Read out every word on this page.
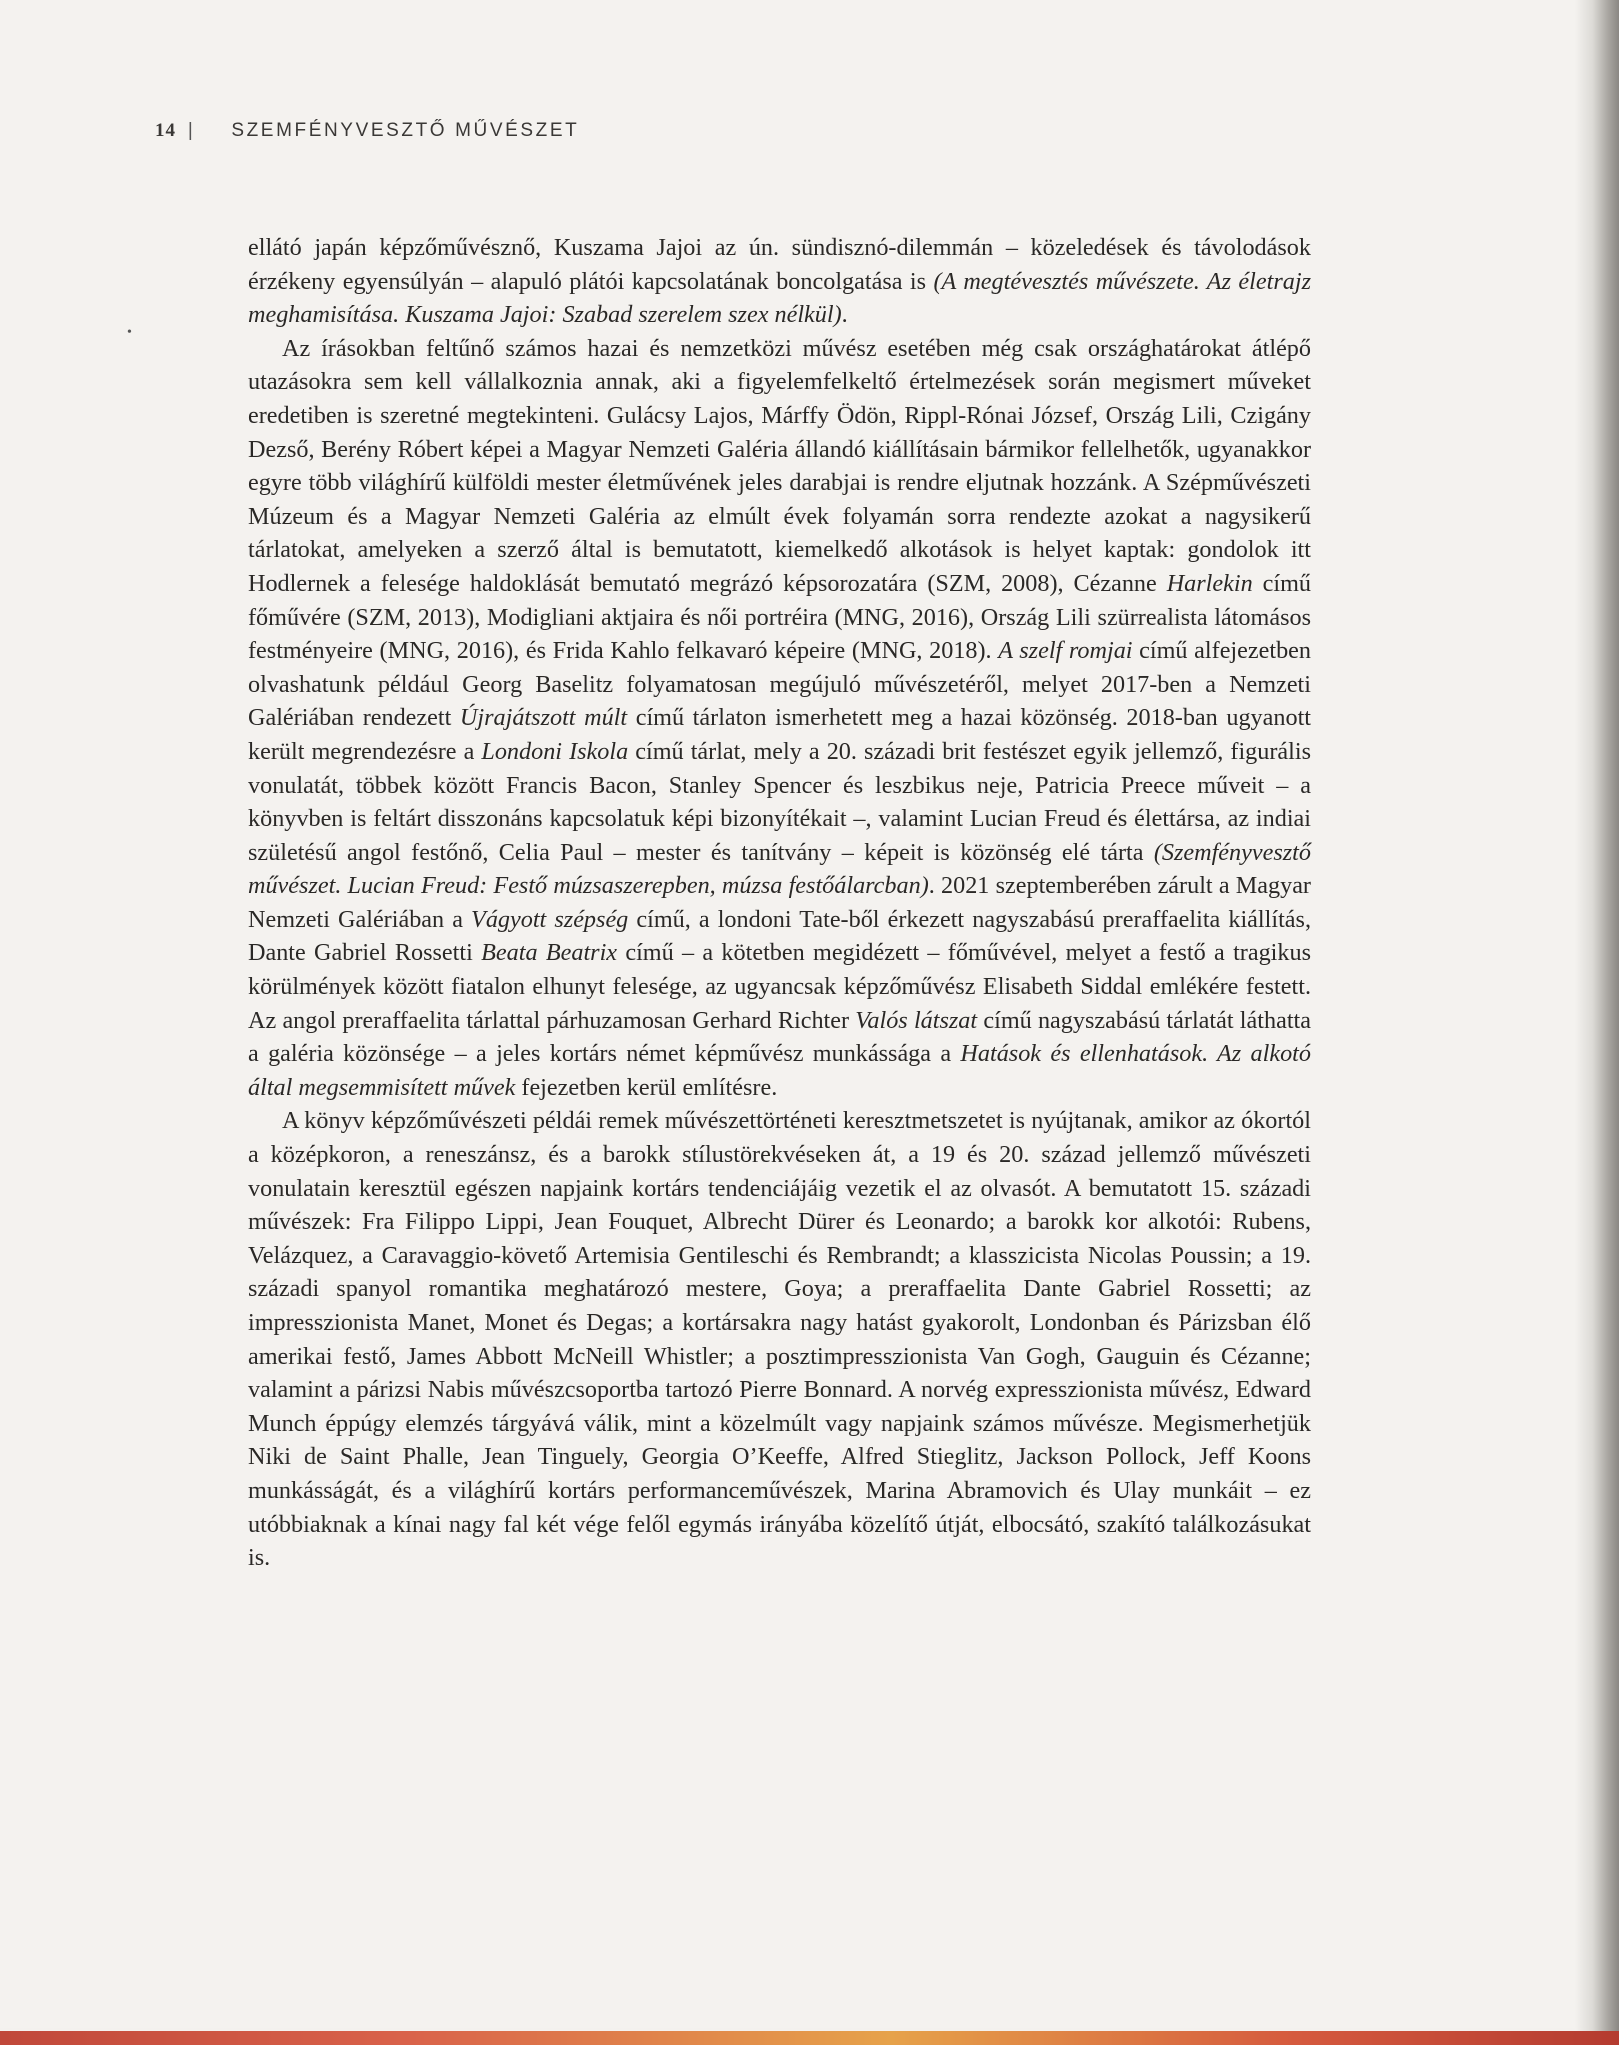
14 | SZEMFÉNYVESZTŐ MŰVÉSZET
•

ellátó japán képzőművésznő, Kuszama Jajoi az ún. sündisznó-dilemmán – közeledések és távolodások érzékeny egyensúlyán – alapuló plátói kapcsolatának boncolgatása is (A megtévesztés művészete. Az életrajz meghamisítása. Kuszama Jajoi: Szabad szerelem szex nélkül).

Az írásokban feltűnő számos hazai és nemzetközi művész esetében még csak országhatárokat átlépő utazásokra sem kell vállalkoznia annak, aki a figyelemfelkeltő értelmezések során megismert műveket eredetiben is szeretné megtekinteni. Gulácsy Lajos, Márffy Ödön, Rippl-Rónai József, Ország Lili, Czigány Dezső, Berény Róbert képei a Magyar Nemzeti Galéria állandó kiállításain bármikor fellelhetők, ugyanakkor egyre több világhírű külföldi mester életművének jeles darabjai is rendre eljutnak hozzánk. A Szépművészeti Múzeum és a Magyar Nemzeti Galéria az elmúlt évek folyamán sorra rendezte azokat a nagysikerű tárlatokat, amelyeken a szerző által is bemutatott, kiemelkedő alkotások is helyet kaptak: gondolok itt Hodlernek a felesége haldoklását bemutató megrázó képsorozatára (SZM, 2008), Cézanne Harlekin című főművére (SZM, 2013), Modigliani aktjaira és női portréira (MNG, 2016), Ország Lili szürrealista látomásos festményeire (MNG, 2016), és Frida Kahlo felkavaró képeire (MNG, 2018). A szelf romjai című alfejezetben olvashatunk például Georg Baselitz folyamatosan megújuló művészetéről, melyet 2017-ben a Nemzeti Galériában rendezett Újrajátszott múlt című tárlaton ismerhetett meg a hazai közönség. 2018-ban ugyanott került megrendezésre a Londoni Iskola című tárlat, mely a 20. századi brit festészet egyik jellemző, figurális vonulatát, többek között Francis Bacon, Stanley Spencer és leszbikus neje, Patricia Preece műveit – a könyvben is feltárt disszonáns kapcsolatuk képi bizonyítékait –, valamint Lucian Freud és élettársa, az indiai születésű angol festőnő, Celia Paul – mester és tanítvány – képeit is közönség elé tárta (Szemfényvesztő művészet. Lucian Freud: Festő múzsaszerepben, múzsa festőálarcban). 2021 szeptemberében zárult a Magyar Nemzeti Galériában a Vágyott szépség című, a londoni Tate-ből érkezett nagyszabású preraffaelita kiállítás, Dante Gabriel Rossetti Beata Beatrix című – a kötetben megidézett – főművével, melyet a festő a tragikus körülmények között fiatalon elhunyt felesége, az ugyancsak képzőművész Elisabeth Siddal emlékére festett. Az angol preraffaelita tárlattal párhuzamosan Gerhard Richter Valós látszat című nagyszabású tárlatát láthatta a galéria közönsége – a jeles kortárs német képművész munkássága a Hatások és ellenhatások. Az alkotó által megsemmisített művek fejezetben kerül említésre.

A könyv képzőművészeti példái remek művészettörténeti keresztmetszetet is nyújtanak, amikor az ókortól a középkoron, a reneszánsz, és a barokk stílustörekvéseken át, a 19 és 20. század jellemző művészeti vonulatain keresztül egészen napjaink kortárs tendenciájáig vezetik el az olvasót. A bemutatott 15. századi művészek: Fra Filippo Lippi, Jean Fouquet, Albrecht Dürer és Leonardo; a barokk kor alkotói: Rubens, Velázquez, a Caravaggio-követő Artemisia Gentileschi és Rembrandt; a klasszicista Nicolas Poussin; a 19. századi spanyol romantika meghatározó mestere, Goya; a preraffaelita Dante Gabriel Rossetti; az impresszionista Manet, Monet és Degas; a kortársakra nagy hatást gyakorolt, Londonban és Párizsban élő amerikai festő, James Abbott McNeill Whistler; a posztimpresszionista Van Gogh, Gauguin és Cézanne; valamint a párizsi Nabis művészcsoportba tartozó Pierre Bonnard. A norvég expresszionista művész, Edward Munch éppúgy elemzés tárgyává válik, mint a közelmúlt vagy napjaink számos művésze. Megismerhetjük Niki de Saint Phalle, Jean Tinguely, Georgia O’Keeffe, Alfred Stieglitz, Jackson Pollock, Jeff Koons munkásságát, és a világhírű kortárs performanceművészek, Marina Abramovich és Ulay munkáit – ez utóbbiaknak a kínai nagy fal két vége felől egymás irányába közelítő útját, elbocsátó, szakító találkozásukat is.
